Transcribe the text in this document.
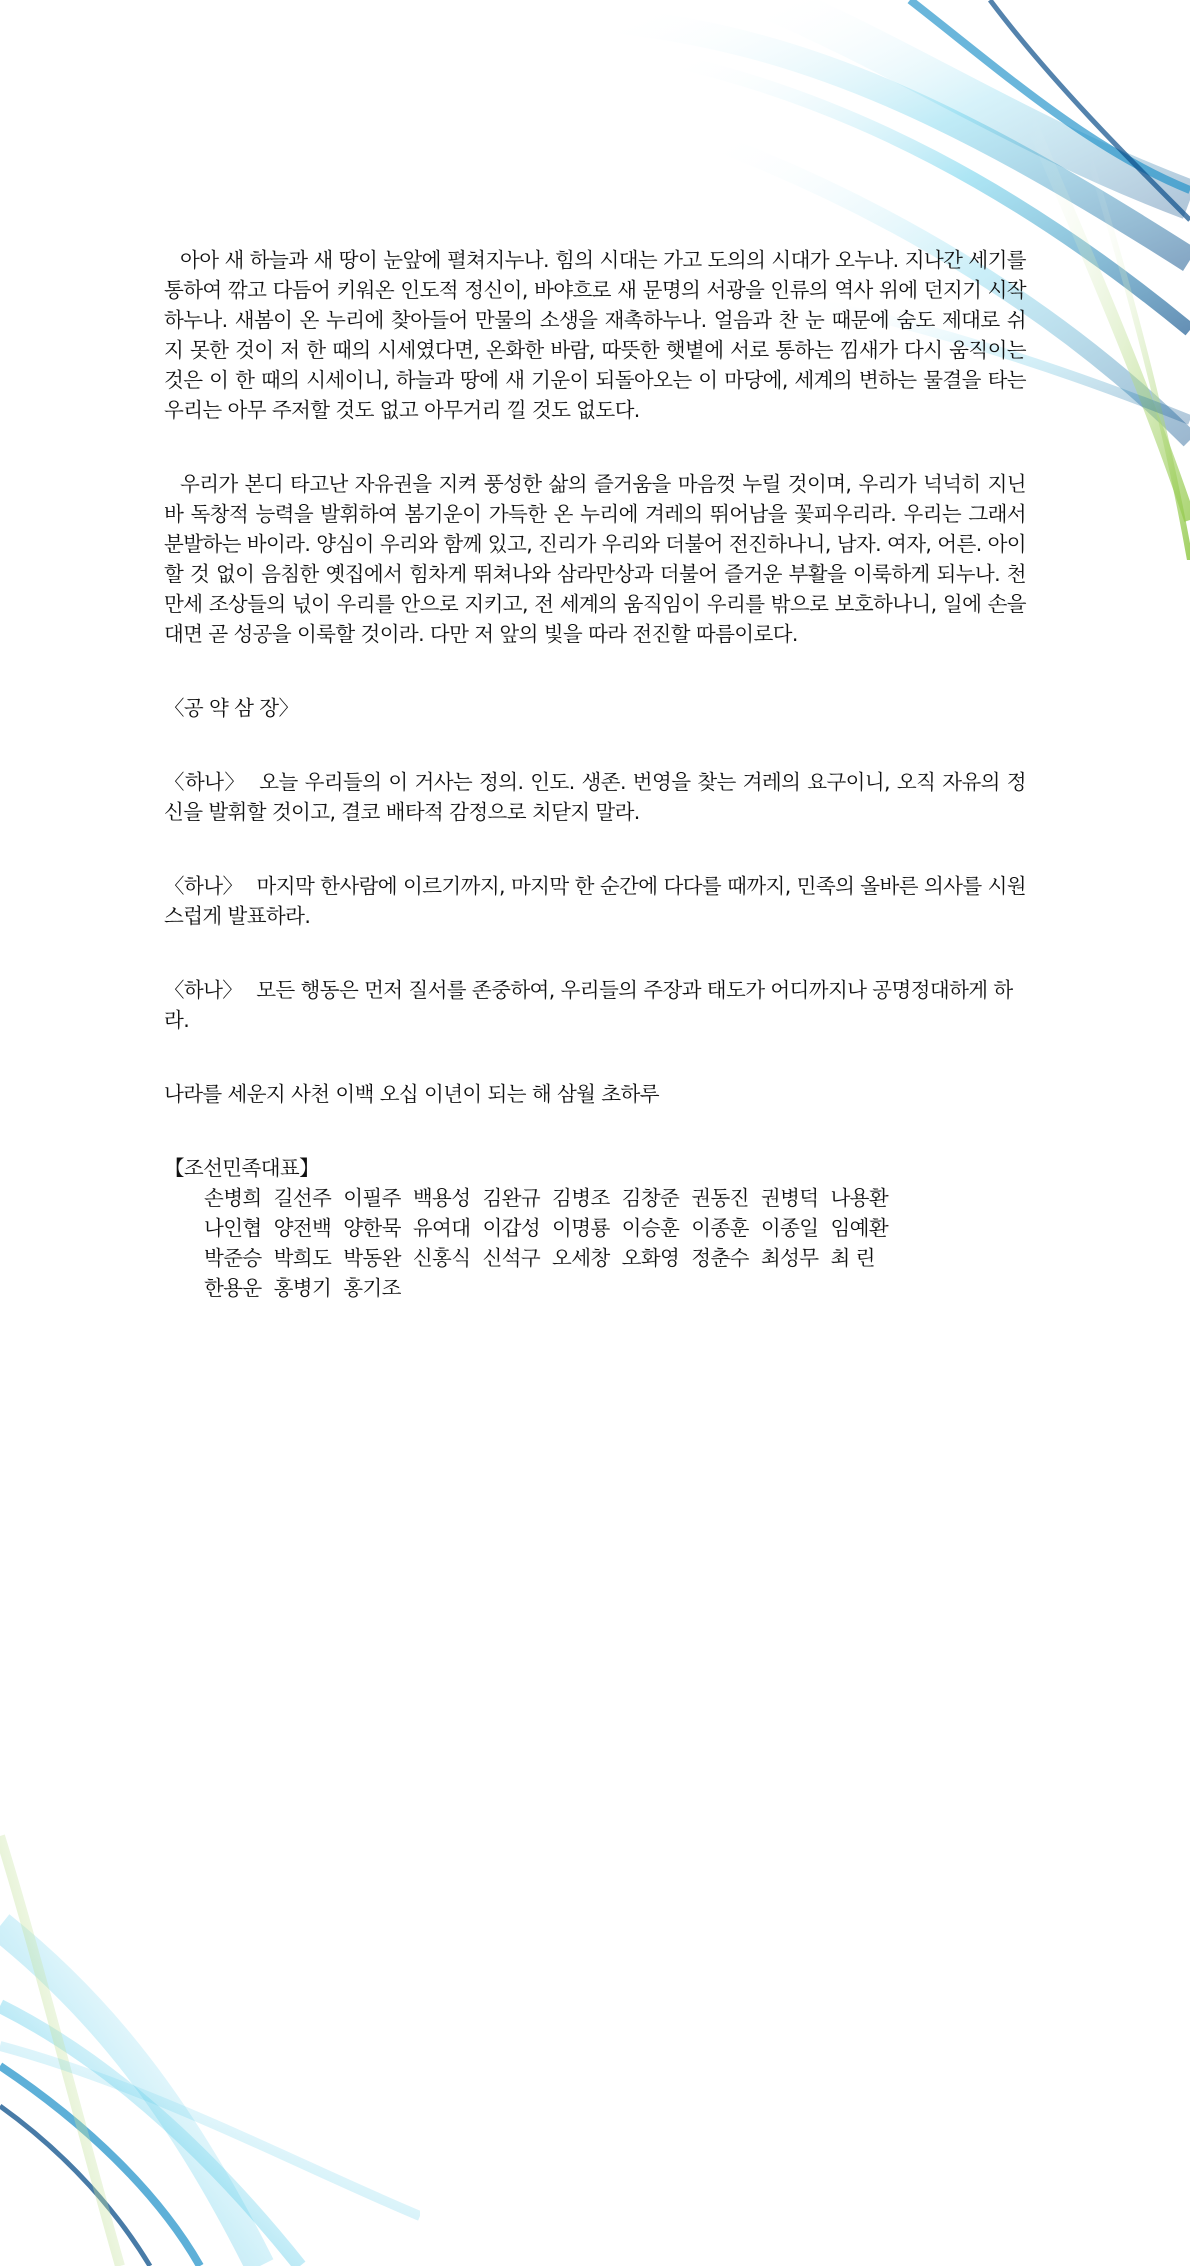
아아 새 하늘과 새 땅이 눈앞에 펼쳐지누나. 힘의 시대는 가고 도의의 시대가 오누나. 지나간 세기를 통하여 깎고 다듬어 키워온 인도적 정신이, 바야흐로 새 문명의 서광을 인류의 역사 위에 던지기 시작하누나. 새봄이 온 누리에 찾아들어 만물의 소생을 재촉하누나. 얼음과 찬 눈 때문에 숨도 제대로 쉬지 못한 것이 저 한 때의 시세였다면, 온화한 바람, 따뜻한 햇볕에 서로 통하는 낌새가 다시 움직이는 것은 이 한 때의 시세이니, 하늘과 땅에 새 기운이 되돌아오는 이 마당에, 세계의 변하는 물결을 타는 우리는 아무 주저할 것도 없고 아무거리 낄 것도 없도다.

우리가 본디 타고난 자유권을 지켜 풍성한 삶의 즐거움을 마음껏 누릴 것이며, 우리가 넉넉히 지닌 바 독창적 능력을 발휘하여 봄기운이 가득한 온 누리에 겨레의 뛰어남을 꽃피우리라. 우리는 그래서 분발하는 바이라. 양심이 우리와 함께 있고, 진리가 우리와 더불어 전진하나니, 남자. 여자, 어른. 아이 할 것 없이 음침한 옛집에서 힘차게 뛰쳐나와 삼라만상과 더불어 즐거운 부활을 이룩하게 되누나. 천 만세 조상들의 넋이 우리를 안으로 지키고, 전 세계의 움직임이 우리를 밖으로 보호하나니, 일에 손을 대면 곧 성공을 이룩할 것이라. 다만 저 앞의 빛을 따라 전진할 따름이로다.

〈공 약 삼 장〉

〈하나〉 오늘 우리들의 이 거사는 정의. 인도. 생존. 번영을 찾는 겨레의 요구이니, 오직 자유의 정신을 발휘할 것이고, 결코 배타적 감정으로 치닫지 말라.

〈하나〉 마지막 한사람에 이르기까지, 마지막 한 순간에 다다를 때까지, 민족의 올바른 의사를 시원스럽게 발표하라.

〈하나〉 모든 행동은 먼저 질서를 존중하여, 우리들의 주장과 태도가 어디까지나 공명정대하게 하라.

나라를 세운지 사천 이백 오십 이년이 되는 해 삼월 초하루

【조선민족대표】

손병희 길선주 이필주 백용성 김완규 김병조 김창준 권동진 권병덕 나용환
나인협 양전백 양한묵 유여대 이갑성 이명룡 이승훈 이종훈 이종일 임예환
박준승 박희도 박동완 신홍식 신석구 오세창 오화영 정춘수 최성무 최 린
한용운 홍병기 홍기조
